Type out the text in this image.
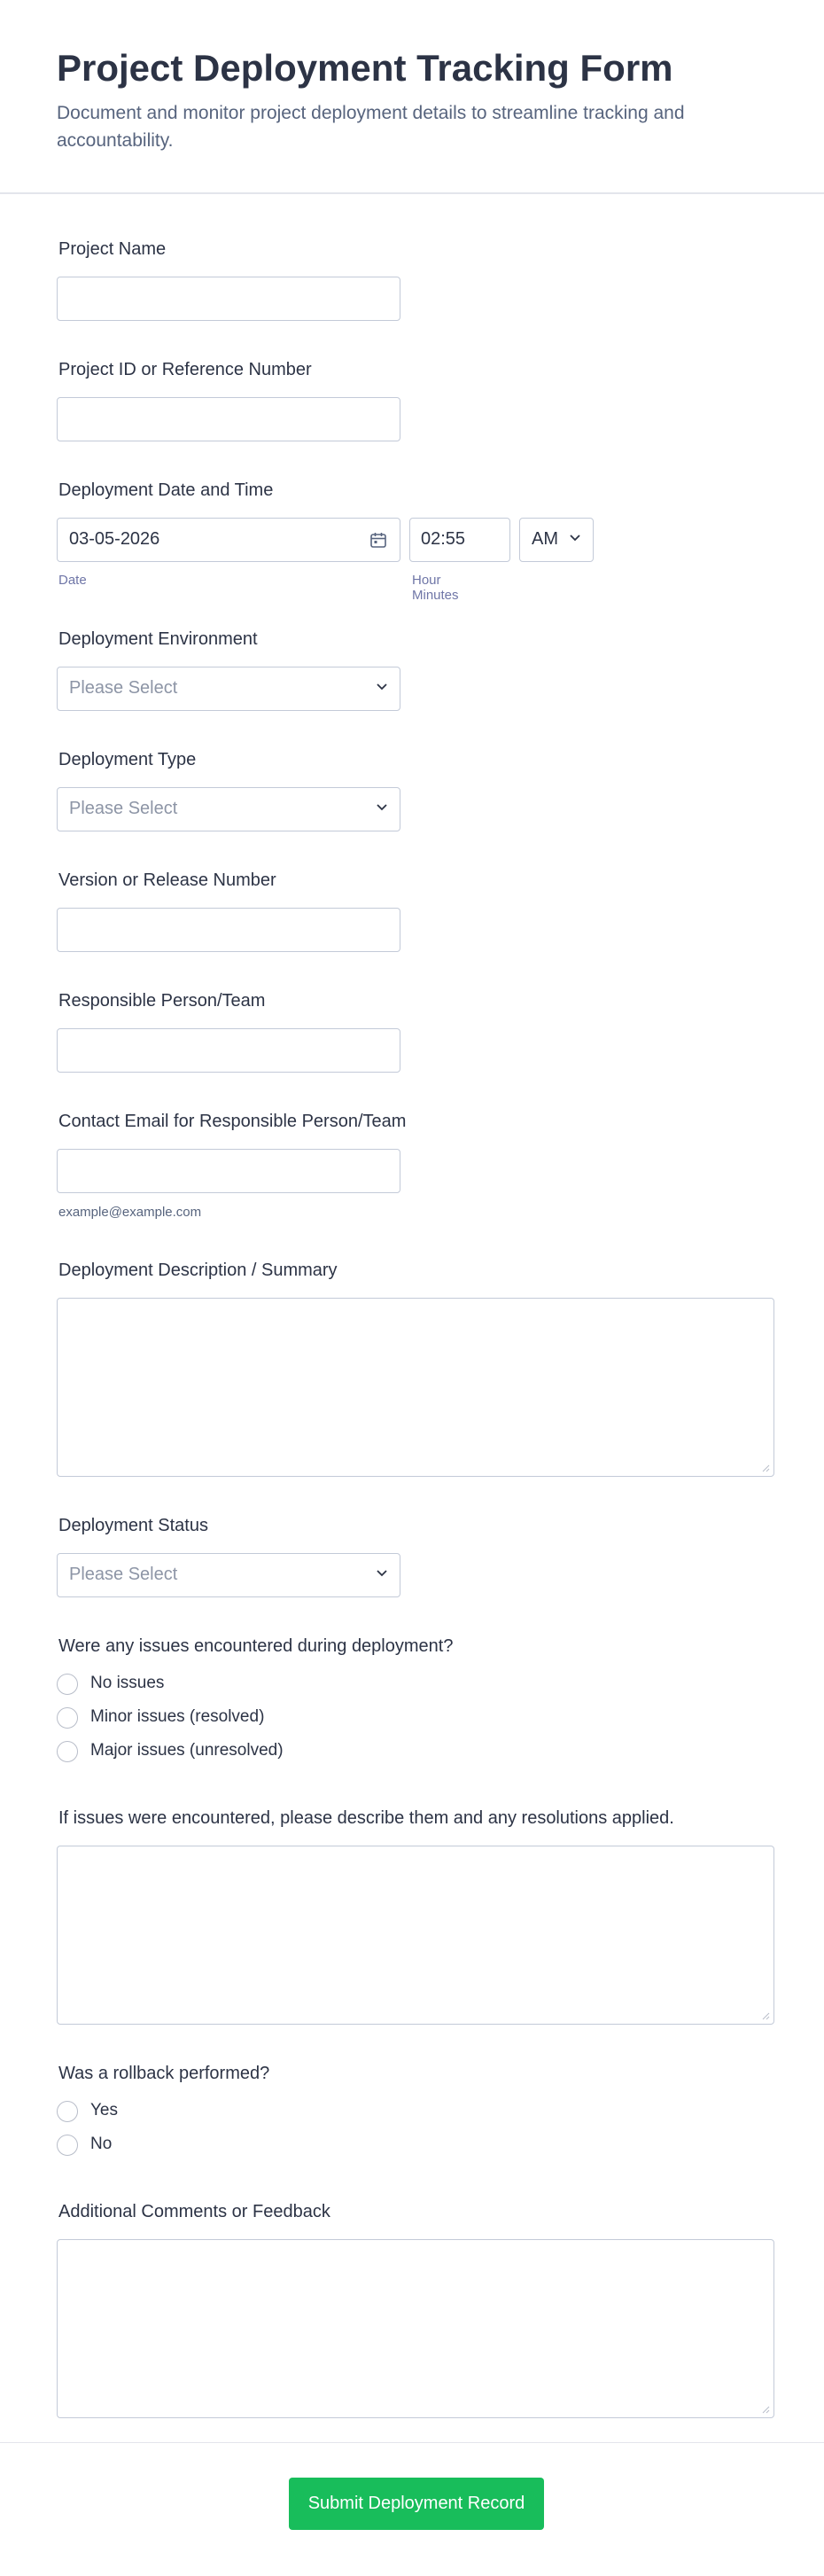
Project Deployment Tracking Form

Document and monitor project deployment details to streamline tracking and accountability.

Project Name
Project ID or Reference Number
Deployment Date and Time
03-05-2026	02:55	AM
Date	Hour Minutes
Deployment Environment
Please Select
Deployment Type
Please Select
Version or Release Number
Responsible Person/Team
Contact Email for Responsible Person/Team
example@example.com
Deployment Description / Summary
Deployment Status
Please Select
Were any issues encountered during deployment?
No issues
Minor issues (resolved)
Major issues (unresolved)
If issues were encountered, please describe them and any resolutions applied.
Was a rollback performed?
Yes
No
Additional Comments or Feedback
Submit Deployment Record
